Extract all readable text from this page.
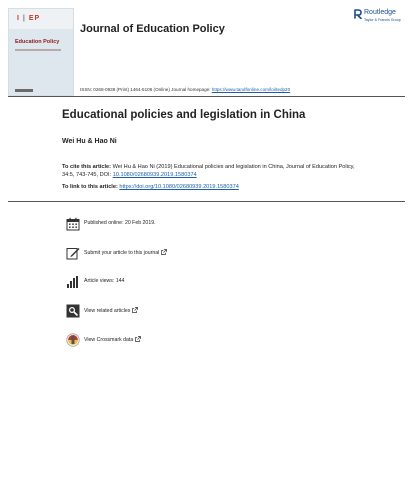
I | EP
Education Policy
Journal of Education Policy
ISSN: 0268-0939 (Print) 1464-5106 (Online) Journal homepage: https://www.tandfonline.com/loi/tedp20
Routledge
Taylor & Francis Group
Educational policies and legislation in China
Wei Hu & Hao Ni
To cite this article: Wei Hu & Hao Ni (2019) Educational policies and legislation in China, Journal of Education Policy, 34:5, 743-745, DOI: 10.1080/02680939.2019.1580374
To link to this article: https://doi.org/10.1080/02680939.2019.1580374
Published online: 20 Feb 2019.
Submit your article to this journal
Article views: 144
View related articles
View Crossmark data
